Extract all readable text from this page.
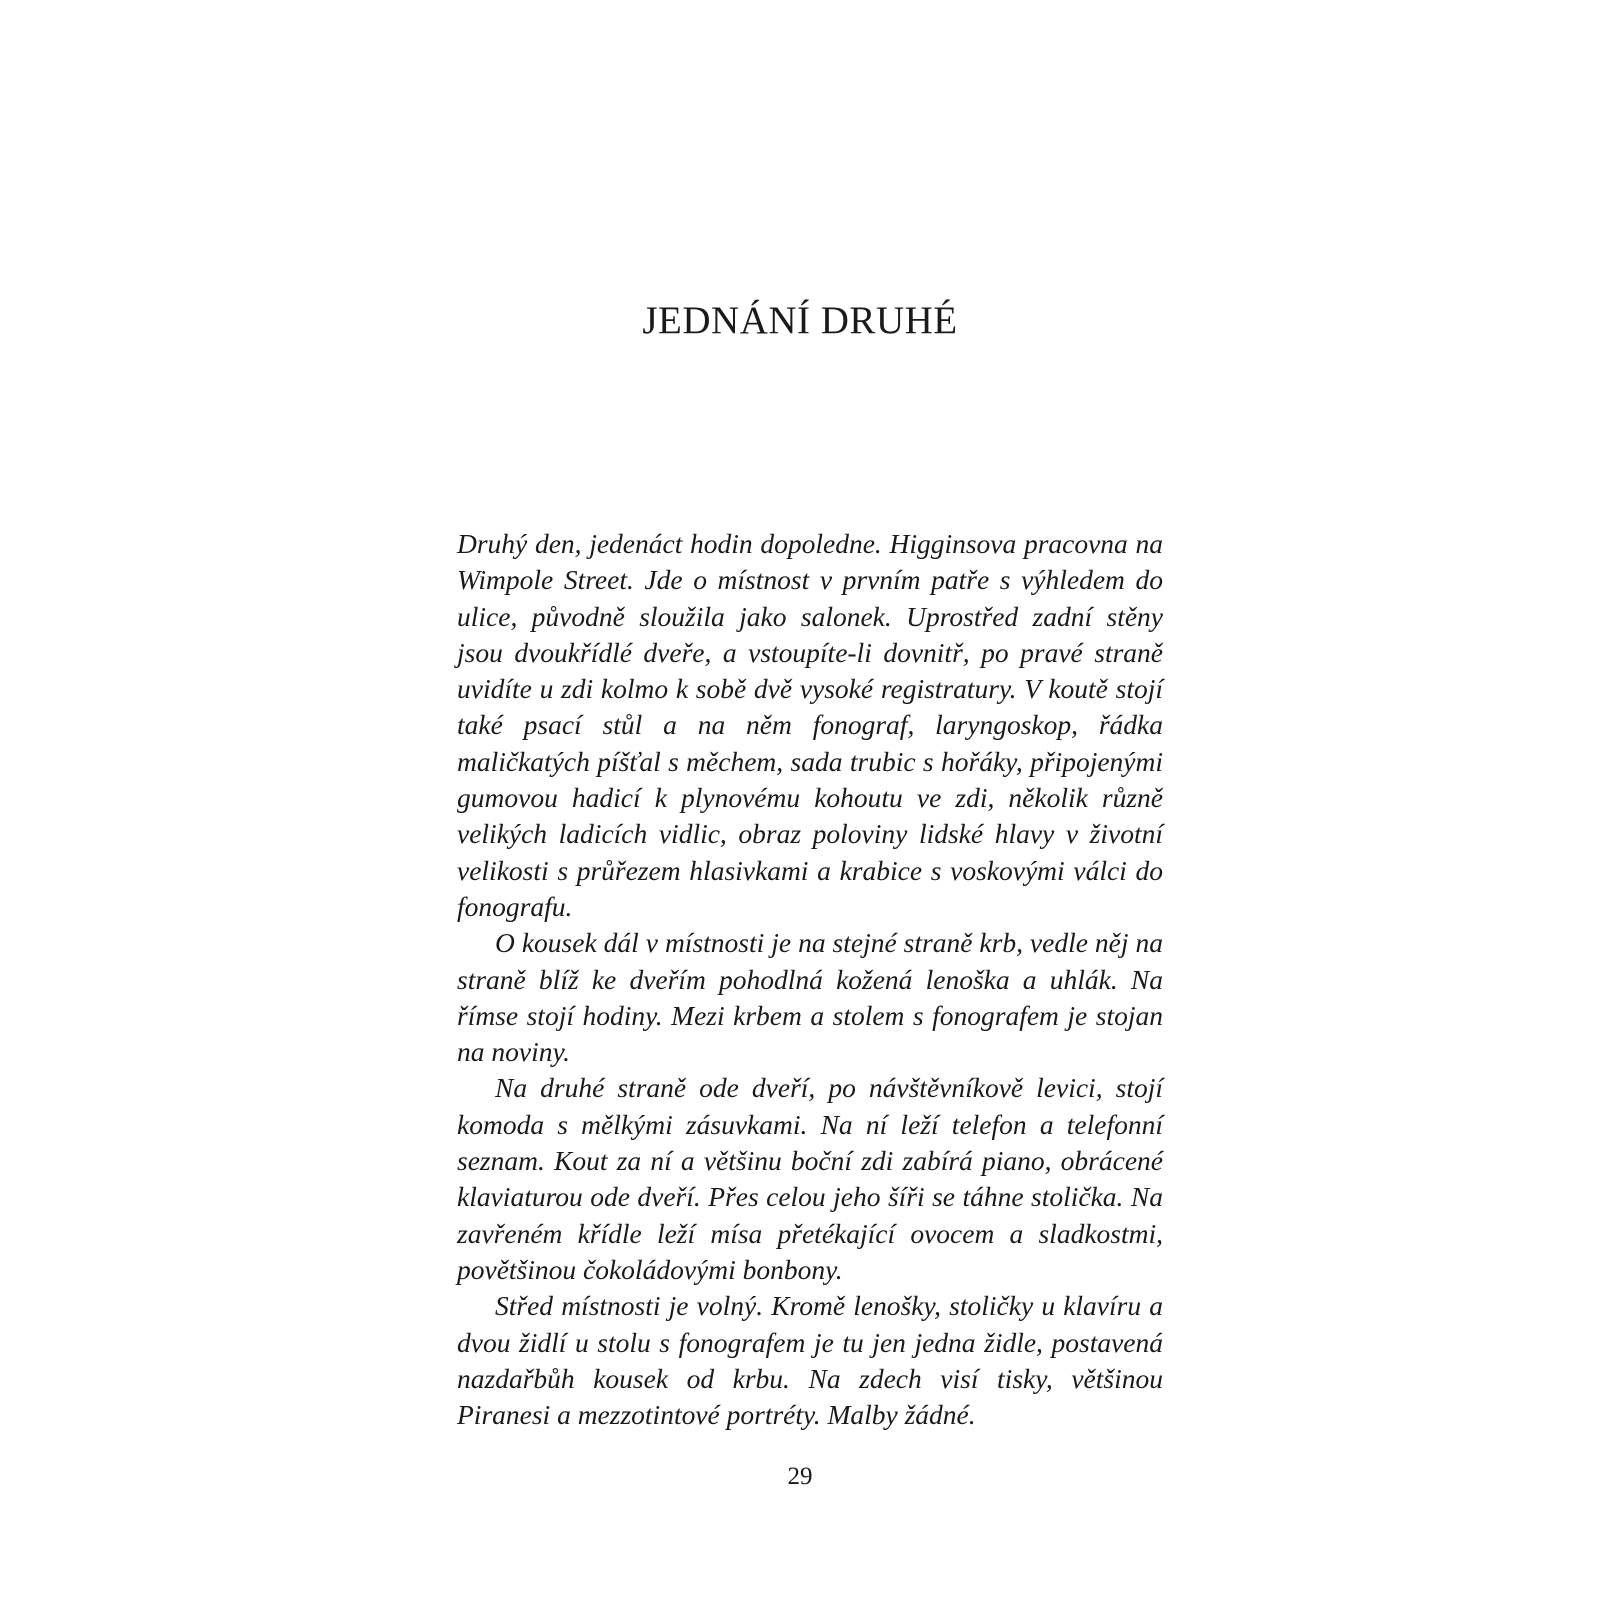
JEDNÁNÍ DRUHÉ

Druhý den, jedenáct hodin dopoledne. Higginsova pracovna na Wimpole Street. Jde o místnost v prvním patře s výhledem do ulice, původně sloužila jako salonek. Uprostřed zadní stěny jsou dvoukřídlé dveře, a vstoupíte-li dovnitř, po pravé straně uvidíte u zdi kolmo k sobě dvě vysoké registratury. V koutě stojí také psací stůl a na něm fonograf, laryngoskop, řádka maličkatých píšťal s měchem, sada trubic s hořáky, připojenými gumovou hadicí k plynovému kohoutu ve zdi, několik různě velikých ladicích vidlic, obraz poloviny lidské hlavy v životní velikosti s průřezem hlasivkami a krabice s voskovými válci do fonografu.

O kousek dál v místnosti je na stejné straně krb, vedle něj na straně blíž ke dveřím pohodlná kožená lenoška a uhlák. Na římse stojí hodiny. Mezi krbem a stolem s fonografem je stojan na noviny.

Na druhé straně ode dveří, po návštěvníkově levici, stojí komoda s mělkými zásuvkami. Na ní leží telefon a telefonní seznam. Kout za ní a většinu boční zdi zabírá piano, obrácené klaviaturou ode dveří. Přes celou jeho šíři se táhne stolička. Na zavřeném křídle leží mísa přetékající ovocem a sladkostmi, povětšinou čokoládovými bonbony.

Střed místnosti je volný. Kromě lenošky, stoličky u klavíru a dvou židlí u stolu s fonografem je tu jen jedna židle, postavená nazdařbůh kousek od krbu. Na zdech visí tisky, většinou Piranesi a mezzotintové portréty. Malby žádné.

29
